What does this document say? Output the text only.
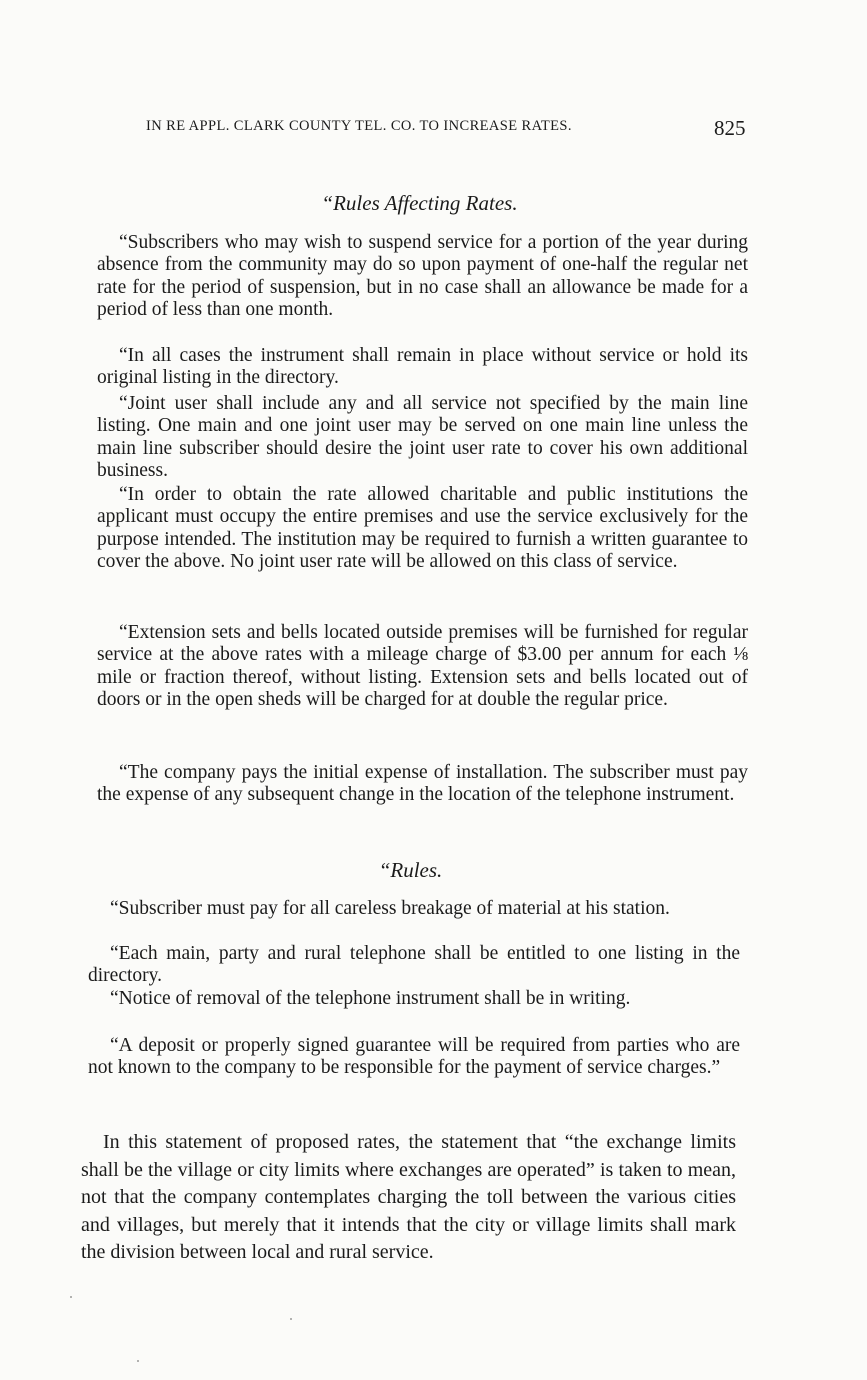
IN RE APPL. CLARK COUNTY TEL. CO. TO INCREASE RATES.	825
“Rules Affecting Rates.

“Subscribers who may wish to suspend service for a portion of the year during absence from the community may do so upon payment of one-half the regular net rate for the period of suspension, but in no case shall an allowance be made for a period of less than one month.

“In all cases the instrument shall remain in place without service or hold its original listing in the directory.

“Joint user shall include any and all service not specified by the main line listing. One main and one joint user may be served on one main line unless the main line subscriber should desire the joint user rate to cover his own additional business.

“In order to obtain the rate allowed charitable and public institutions the applicant must occupy the entire premises and use the service exclusively for the purpose intended. The institution may be required to furnish a written guarantee to cover the above. No joint user rate will be allowed on this class of service.

“Extension sets and bells located outside premises will be furnished for regular service at the above rates with a mileage charge of $3.00 per annum for each ⅛ mile or fraction thereof, without listing. Extension sets and bells located out of doors or in the open sheds will be charged for at double the regular price.

“The company pays the initial expense of installation. The subscriber must pay the expense of any subsequent change in the location of the telephone instrument.

“Rules.

“Subscriber must pay for all careless breakage of material at his station.

“Each main, party and rural telephone shall be entitled to one listing in the directory.

“Notice of removal of the telephone instrument shall be in writing.

“A deposit or properly signed guarantee will be required from parties who are not known to the company to be responsible for the payment of service charges.”

In this statement of proposed rates, the statement that “the exchange limits shall be the village or city limits where exchanges are operated” is taken to mean, not that the company contemplates charging the toll between the various cities and villages, but merely that it intends that the city or village limits shall mark the division between local and rural service.
